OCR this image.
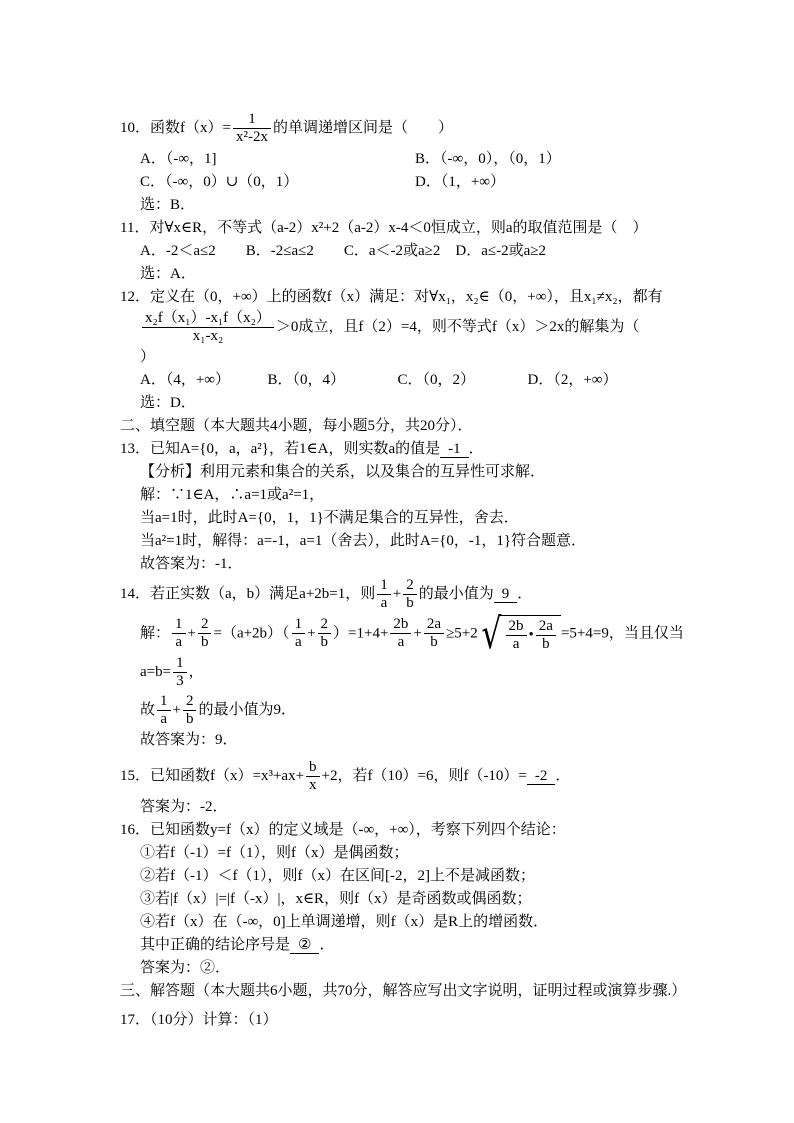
10．函数$f(x)= \frac{1}{\text{x²-2x}}$ 的单调递增区间是（　　）
A．（-∞，1]	B．（-∞，0），（0，1）
C．（-∞，0）∪（0，1）	D．（1，+∞）
选：B．
11．对∀x∈R，不等式（a-2）x²+2（a-2）x-4＜0恒成立，则a的取值范围是（　）
A．-2＜a≤2　　B．-2≤a≤2　　C．a＜-2或a≥2　D．a≤-2或a≥2
选：A．
12．定义在（0，+∞）上的函数f（x）满足：对∀x₁，x₂∈（0，+∞），且x₁≠x₂，都有
$\frac{\text{x₂f（x₁）-x₁f（x₂）}}{\text{x₁-x₂}} >0$成立，且f（2）=4，则不等式f（x）＞2x的解集为（
）
A．（4，+∞）　　　B．（0，4）　　　　C．（0，2）　　　　D．（2，+∞）
选：D．
二、填空题（本大题共4小题，每小题5分，共20分）．
13．已知A={0，a，a²}，若1∈A，则实数a的值是 -1 ．
【分析】利用元素和集合的关系，以及集合的互异性可求解．
解：∵1∈A，∴a=1或a²=1，
当a=1时，此时A={0，1，1}不满足集合的互异性，舍去．
当a²=1时，解得：a=-1，a=1（舍去），此时A={0，-1，1}符合题意．
故答案为：-1．
14．若正实数（a，b）满足a+2b=1，则 $\frac{1}{a} + \frac{2}{b}$ 的最小值为 9 ．
解： $\frac{1}{a} + \frac{2}{b} =(a+2b)( \frac{1}{a} + \frac{2}{b} )=1+4+ \frac{2b}{a} + \frac{2a}{b} \ge 5+2√ \frac{2b}{a}$ • $\frac{2a}{b} =5+4=9$，当且仅当
$a=b= \frac{1}{3}$ ，
故 $\frac{1}{a} + \frac{2}{b}$ 的最小值为9．
故答案为：9．
15．已知函数$f(x)=x^3+ax+ \frac{b}{x} +2$，若f（10）=6，则f（-10）= -2 ．
答案为：-2．
16．已知函数y=f（x）的定义域是（-∞，+∞），考察下列四个结论：
①若f（-1）=f（1），则f（x）是偶函数；
②若f（-1）＜f（1），则f（x）在区间[-2，2]上不是减函数；
③若|f（x）|=|f（-x）|，x∈R，则f（x）是奇函数或偶函数；
④若f（x）在（-∞，0]上单调递增，则f（x）是R上的增函数．
其中正确的结论序号是 ② ．
答案为：②．
三、解答题（本大题共6小题，共70分，解答应写出文字说明，证明过程或演算步骤.）
17．（10分）计算：（1）
